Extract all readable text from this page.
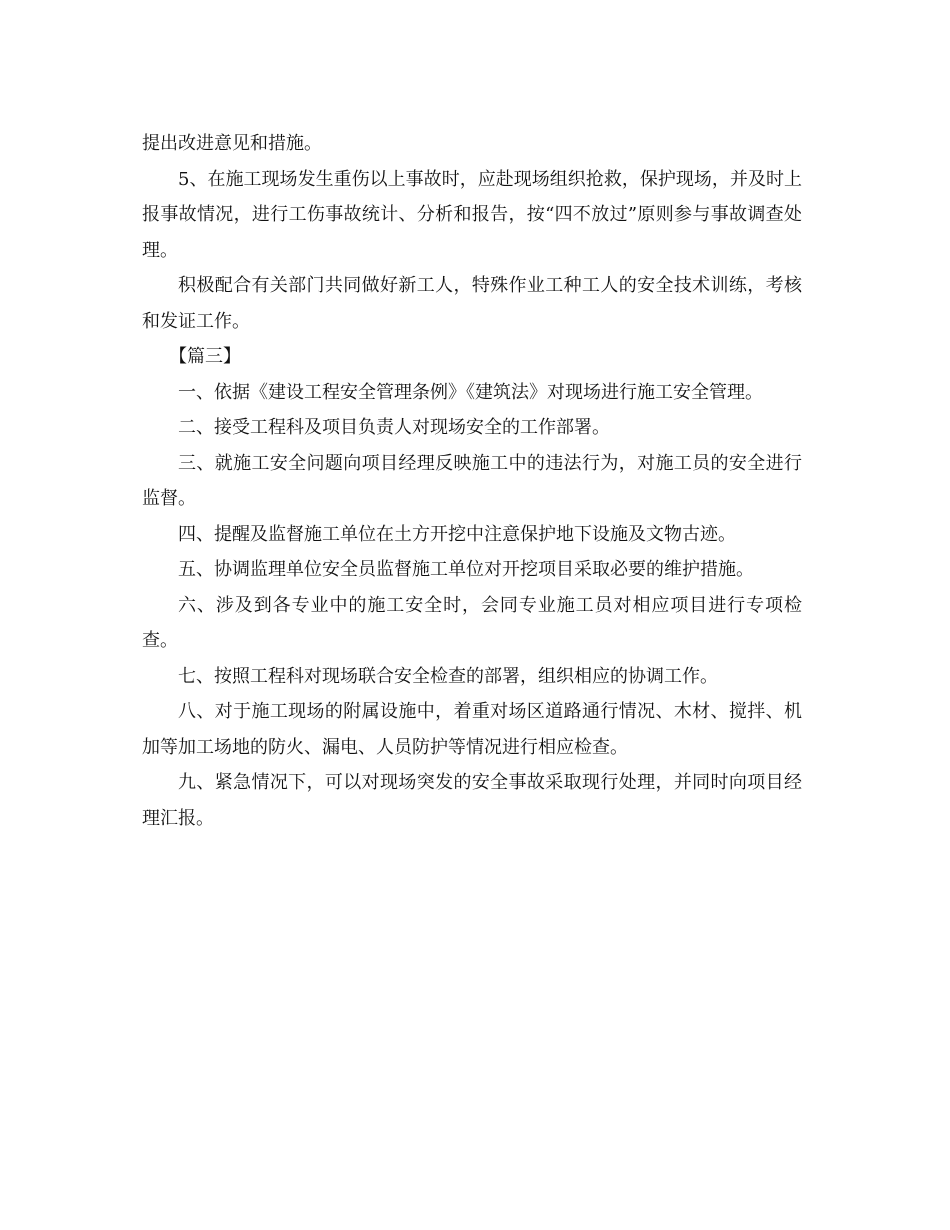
提出改进意见和措施。

5、在施工现场发生重伤以上事故时，应赴现场组织抢救，保护现场，并及时上报事故情况，进行工伤事故统计、分析和报告，按“四不放过”原则参与事故调查处理。

积极配合有关部门共同做好新工人，特殊作业工种工人的安全技术训练，考核和发证工作。

【篇三】

一、依据《建设工程安全管理条例》《建筑法》对现场进行施工安全管理。

二、接受工程科及项目负责人对现场安全的工作部署。

三、就施工安全问题向项目经理反映施工中的违法行为，对施工员的安全进行监督。

四、提醒及监督施工单位在土方开挖中注意保护地下设施及文物古迹。

五、协调监理单位安全员监督施工单位对开挖项目采取必要的维护措施。

六、涉及到各专业中的施工安全时，会同专业施工员对相应项目进行专项检查。

七、按照工程科对现场联合安全检查的部署，组织相应的协调工作。

八、对于施工现场的附属设施中，着重对场区道路通行情况、木材、搅拌、机加等加工场地的防火、漏电、人员防护等情况进行相应检查。

九、紧急情况下，可以对现场突发的安全事故采取现行处理，并同时向项目经理汇报。
